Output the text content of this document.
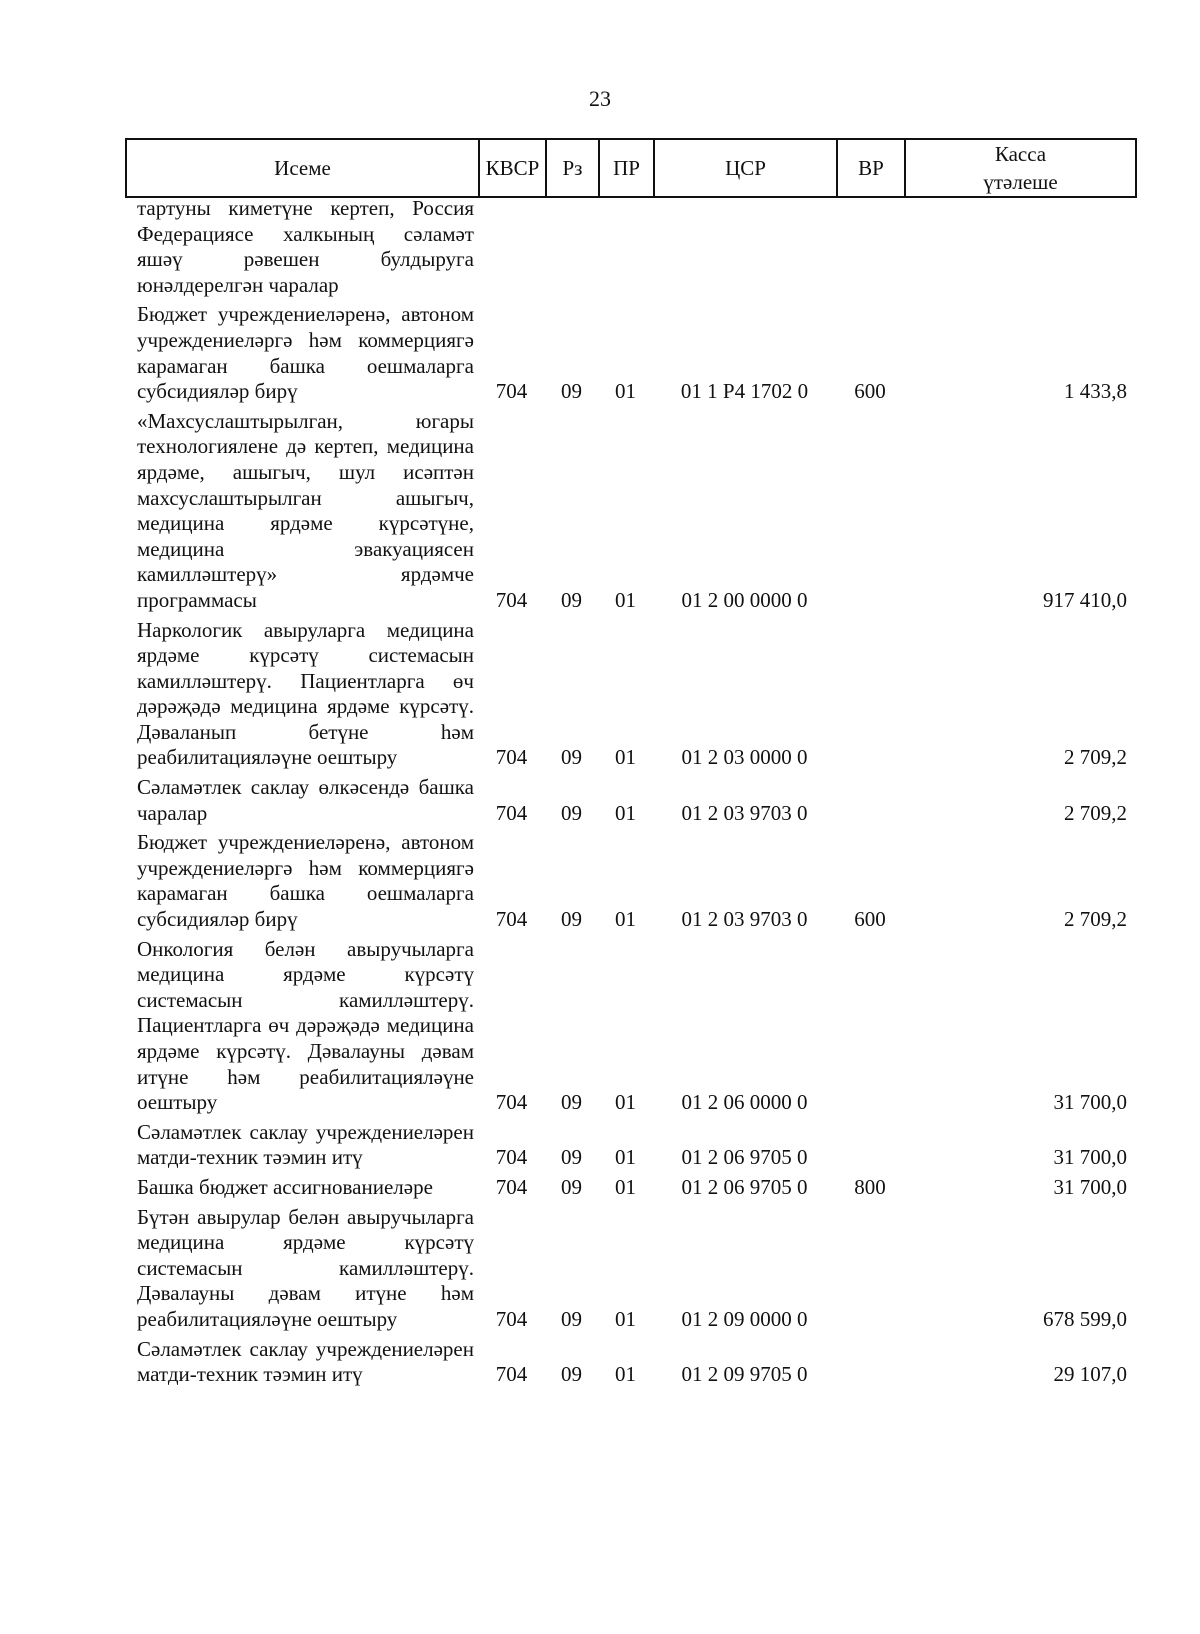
23
Исеме	КВСР	Рз	ПР	ЦСР	ВР	Касса үтәлеше
тартуны киметүне кертеп, Россия Федерациясе халкының сәламәт яшәү рәвешен булдыруга юнәлдерелгән чаралар						
Бюджет учреждениеләренә, автоном учреждениеләргә һәм коммерциягә карамаган башка оешмаларга субсидияләр бирү	704	09	01	01 1 Р4 1702 0	600	1 433,8
«Махсуслаштырылган, югары технологиялене дә кертеп, медицина ярдәме, ашыгыч, шул исәптән махсуслаштырылган ашыгыч, медицина ярдәме күрсәтүне, медицина эвакуациясен камилләштерү» ярдәмче программасы	704	09	01	01 2 00 0000 0		917 410,0
Наркологик авыруларга медицина ярдәме күрсәтү системасын камилләштерү. Пациентларга өч дәрәҗәдә медицина ярдәме күрсәтү. Дәваланып бетүне һәм реабилитацияләүне оештыру	704	09	01	01 2 03 0000 0		2 709,2
Сәламәтлек саклау өлкәсендә башка чаралар	704	09	01	01 2 03 9703 0		2 709,2
Бюджет учреждениеләренә, автоном учреждениеләргә һәм коммерциягә карамаган башка оешмаларга субсидияләр бирү	704	09	01	01 2 03 9703 0	600	2 709,2
Онкология белән авыручыларга медицина ярдәме күрсәтү системасын камилләштерү. Пациентларга өч дәрәҗәдә медицина ярдәме күрсәтү. Дәвалауны дәвам итүне һәм реабилитацияләүне оештыру	704	09	01	01 2 06 0000 0		31 700,0
Сәламәтлек саклау учреждениеләрен матди-техник тәэмин итү	704	09	01	01 2 06 9705 0		31 700,0
Башка бюджет ассигнованиеләре	704	09	01	01 2 06 9705 0	800	31 700,0
Бүтән авырулар белән авыручыларга медицина ярдәме күрсәтү системасын камилләштерү. Дәвалауны дәвам итүне һәм реабилитацияләүне оештыру	704	09	01	01 2 09 0000 0		678 599,0
Сәламәтлек саклау учреждениеләрен матди-техник тәэмин итү	704	09	01	01 2 09 9705 0		29 107,0
